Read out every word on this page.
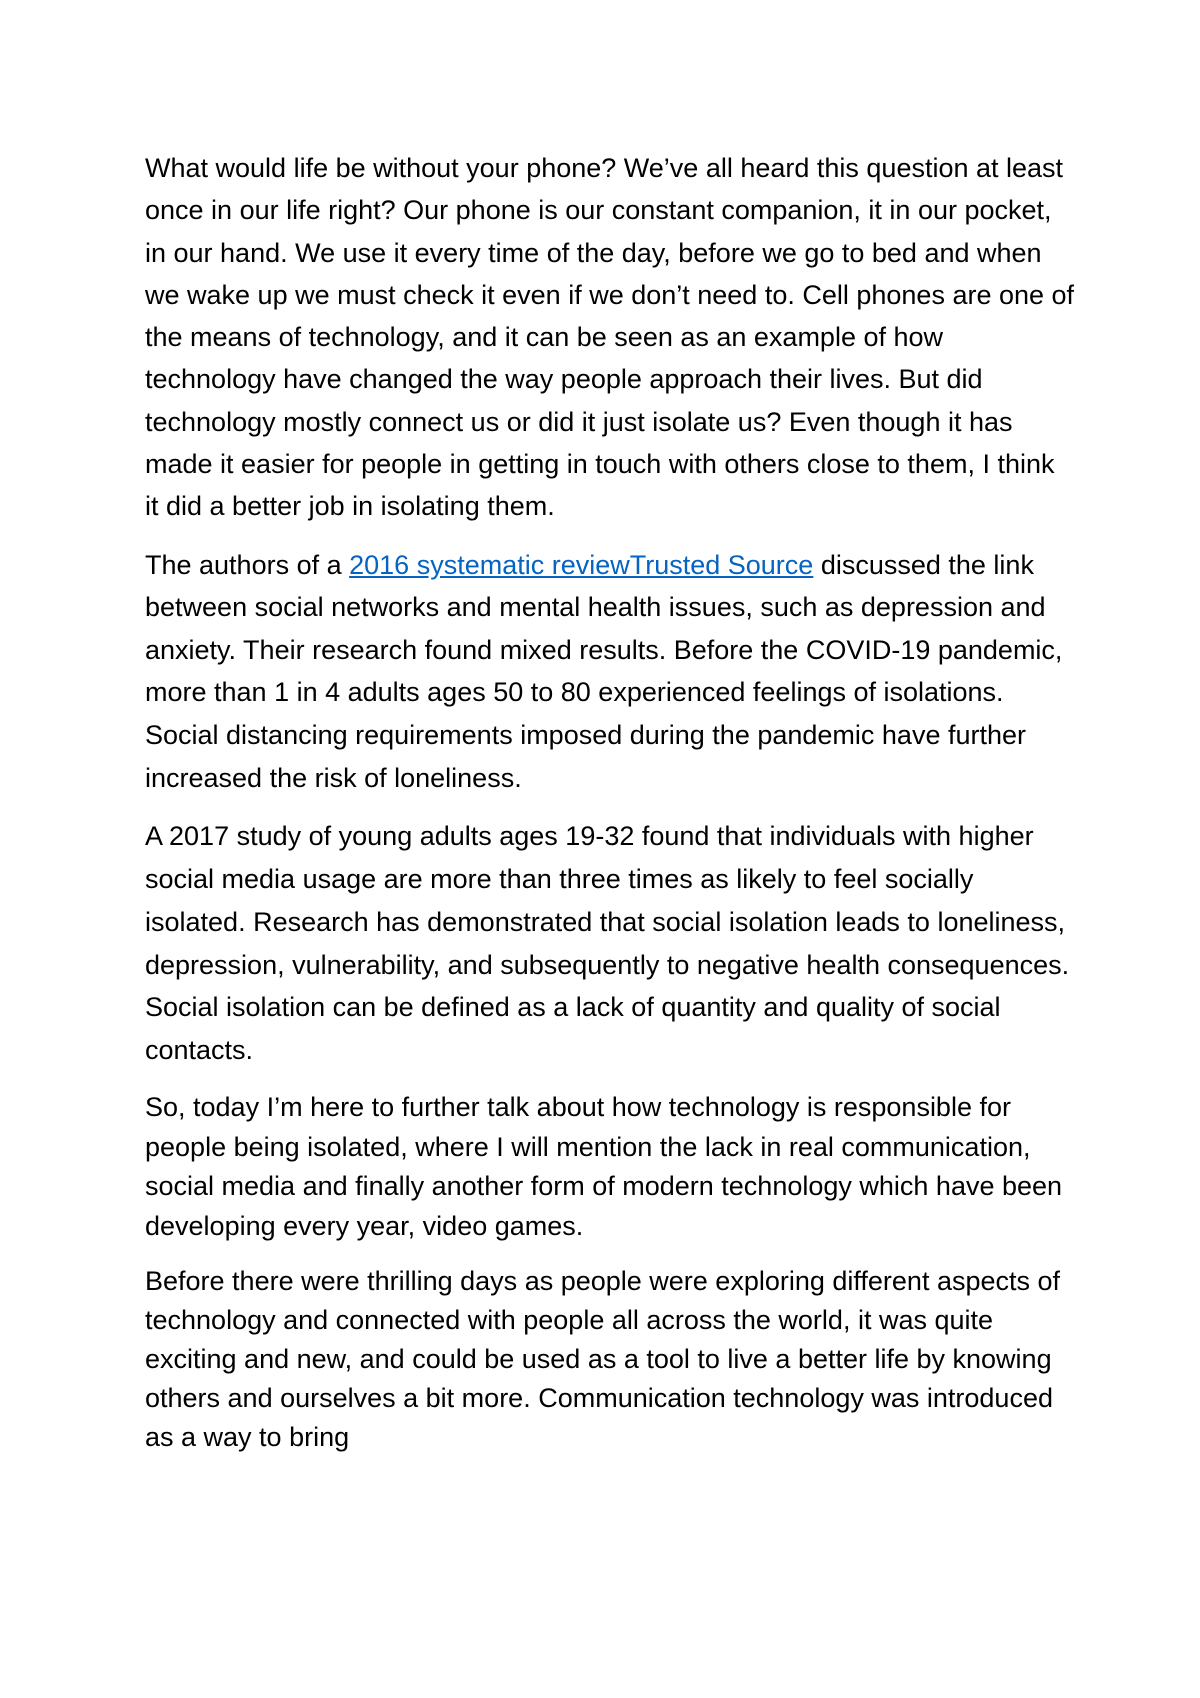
What would life be without your phone? We’ve all heard this question at least once in our life right? Our phone is our constant companion, it in our pocket, in our hand. We use it every time of the day, before we go to bed and when we wake up we must check it even if we don’t need to. Cell phones are one of the means of technology, and it can be seen as an example of how technology have changed the way people approach their lives. But did technology mostly connect us or did it just isolate us? Even though it has made it easier for people in getting in touch with others close to them, I think it did a better job in isolating them.

The authors of a 2016 systematic reviewTrusted Source discussed the link between social networks and mental health issues, such as depression and anxiety. Their research found mixed results. Before the COVID-19 pandemic, more than 1 in 4 adults ages 50 to 80 experienced feelings of isolations. Social distancing requirements imposed during the pandemic have further increased the risk of loneliness.

A 2017 study of young adults ages 19-32 found that individuals with higher social media usage are more than three times as likely to feel socially isolated. Research has demonstrated that social isolation leads to loneliness, depression, vulnerability, and subsequently to negative health consequences. Social isolation can be defined as a lack of quantity and quality of social contacts.

So, today I’m here to further talk about how technology is responsible for people being isolated, where I will mention the lack in real communication, social media and finally another form of modern technology which have been developing every year, video games.

Before there were thrilling days as people were exploring different aspects of technology and connected with people all across the world, it was quite exciting and new, and could be used as a tool to live a better life by knowing others and ourselves a bit more. Communication technology was introduced as a way to bring
